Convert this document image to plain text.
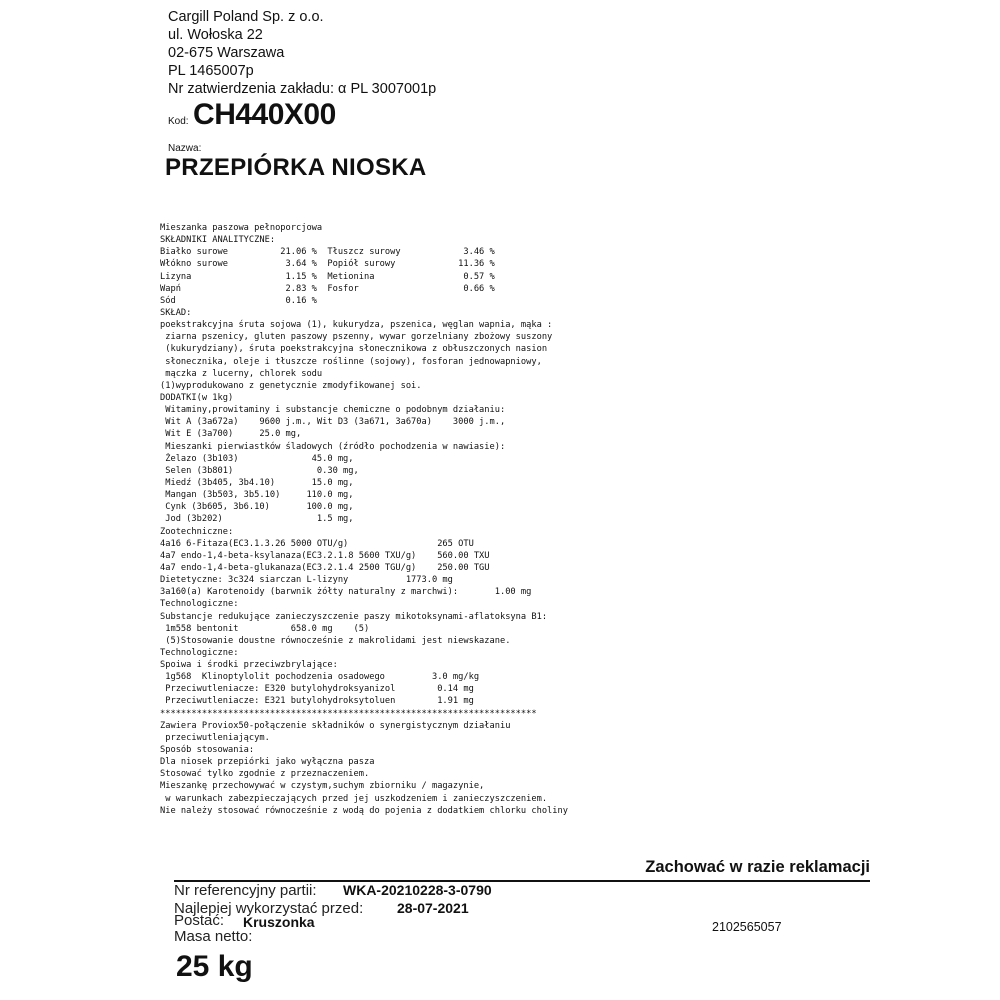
Cargill Poland Sp. z o.o.
ul. Wołoska 22
02-675 Warszawa
PL 1465007p
Nr zatwierdzenia zakładu: α PL 3007001p
Kod: CH440X00
Nazwa:
PRZEPIÓRKA NIOSKA
Mieszanka paszowa pełnoporcjowa
SKŁADNIKI ANALITYCZNE:
Białko surowe          21.06 %  Tłuszcz surowy            3.46 %
Włókno surowe           3.64 %  Popiół surowy            11.36 %
Lizyna                  1.15 %  Metionina                 0.57 %
Wapń                    2.83 %  Fosfor                    0.66 %
Sód                     0.16 %
SKŁAD:
poekstrakcyjna śruta sojowa (1), kukurydza, pszenica, węglan wapnia, mąka :
ziarna pszenicy, gluten paszowy pszenny, wywar gorzelniany zbożowy suszony
(kukurydziany), śruta poekstrakcyjna słonecznikowa z obłuszczonych nasion
słonecznika, oleje i tłuszcze roślinne (sojowy), fosforan jednowapniowy,
mączka z lucerny, chlorek sodu
(1)wyprodukowano z genetycznie zmodyfikowanej soi.
DODATKI(w 1kg)
Witaminy,prowitaminy i substancje chemiczne o podobnym działaniu:
Wit A (3a672a)    9600 j.m., Wit D3 (3a671, 3a670a)    3000 j.m.,
Wit E (3a700)     25.0 mg,
Mieszanki pierwiastków śladowych (źródło pochodzenia w nawiasie):
Żelazo (3b103)              45.0 mg,
Selen (3b801)                0.30 mg,
Miedź (3b405, 3b4.10)       15.0 mg,
Mangan (3b503, 3b5.10)     110.0 mg,
Cynk (3b605, 3b6.10)       100.0 mg,
Jod (3b202)                  1.5 mg,
Zootechniczne:
4a16 6-Fitaza(EC3.1.3.26 5000 OTU/g)                 265 OTU
4a7 endo-1,4-beta-ksylanaza(EC3.2.1.8 5600 TXU/g)    560.00 TXU
4a7 endo-1,4-beta-glukanaza(EC3.2.1.4 2500 TGU/g)    250.00 TGU
Dietetyczne: 3c324 siarczan L-lizyny           1773.0 mg
3a160(a) Karotenoidy (barwnik żółty naturalny z marchwi):       1.00 mg
Technologiczne:
Substancje redukujące zanieczyszczenie paszy mikotoksynami-aflatoksyna B1:
1m558 bentonit          658.0 mg    (5)
(5)Stosowanie doustne równocześnie z makrolidami jest niewskazane.
Technologiczne:
Spoiwa i środki przeciwzbrylające:
1g568  Klinoptylolit pochodzenia osadowego         3.0 mg/kg
Przeciwutleniacze: E320 butylohydroksyanizol        0.14 mg
Przeciwutleniacze: E321 butylohydroksytoluen        1.91 mg
************************************************************************
Zawiera Proviox50-połączenie składników o synergistycznym działaniu
przeciwutleniającym.
Sposób stosowania:
Dla niosek przepiórki jako wyłączna pasza
Stosować tylko zgodnie z przeznaczeniem.
Mieszankę przechowywać w czystym,suchym zbiorniku / magazynie,
w warunkach zabezpieczających przed jej uszkodzeniem i zanieczyszczeniem.
Nie należy stosować równocześnie z wodą do pojenia z dodatkiem chlorku choliny
Zachować w razie reklamacji
Nr referencyjny partii: WKA-20210228-3-0790
Najlepiej wykorzystać przed: 28-07-2021
Postać: Kruszonka	2102565057
Masa netto:
25 kg
